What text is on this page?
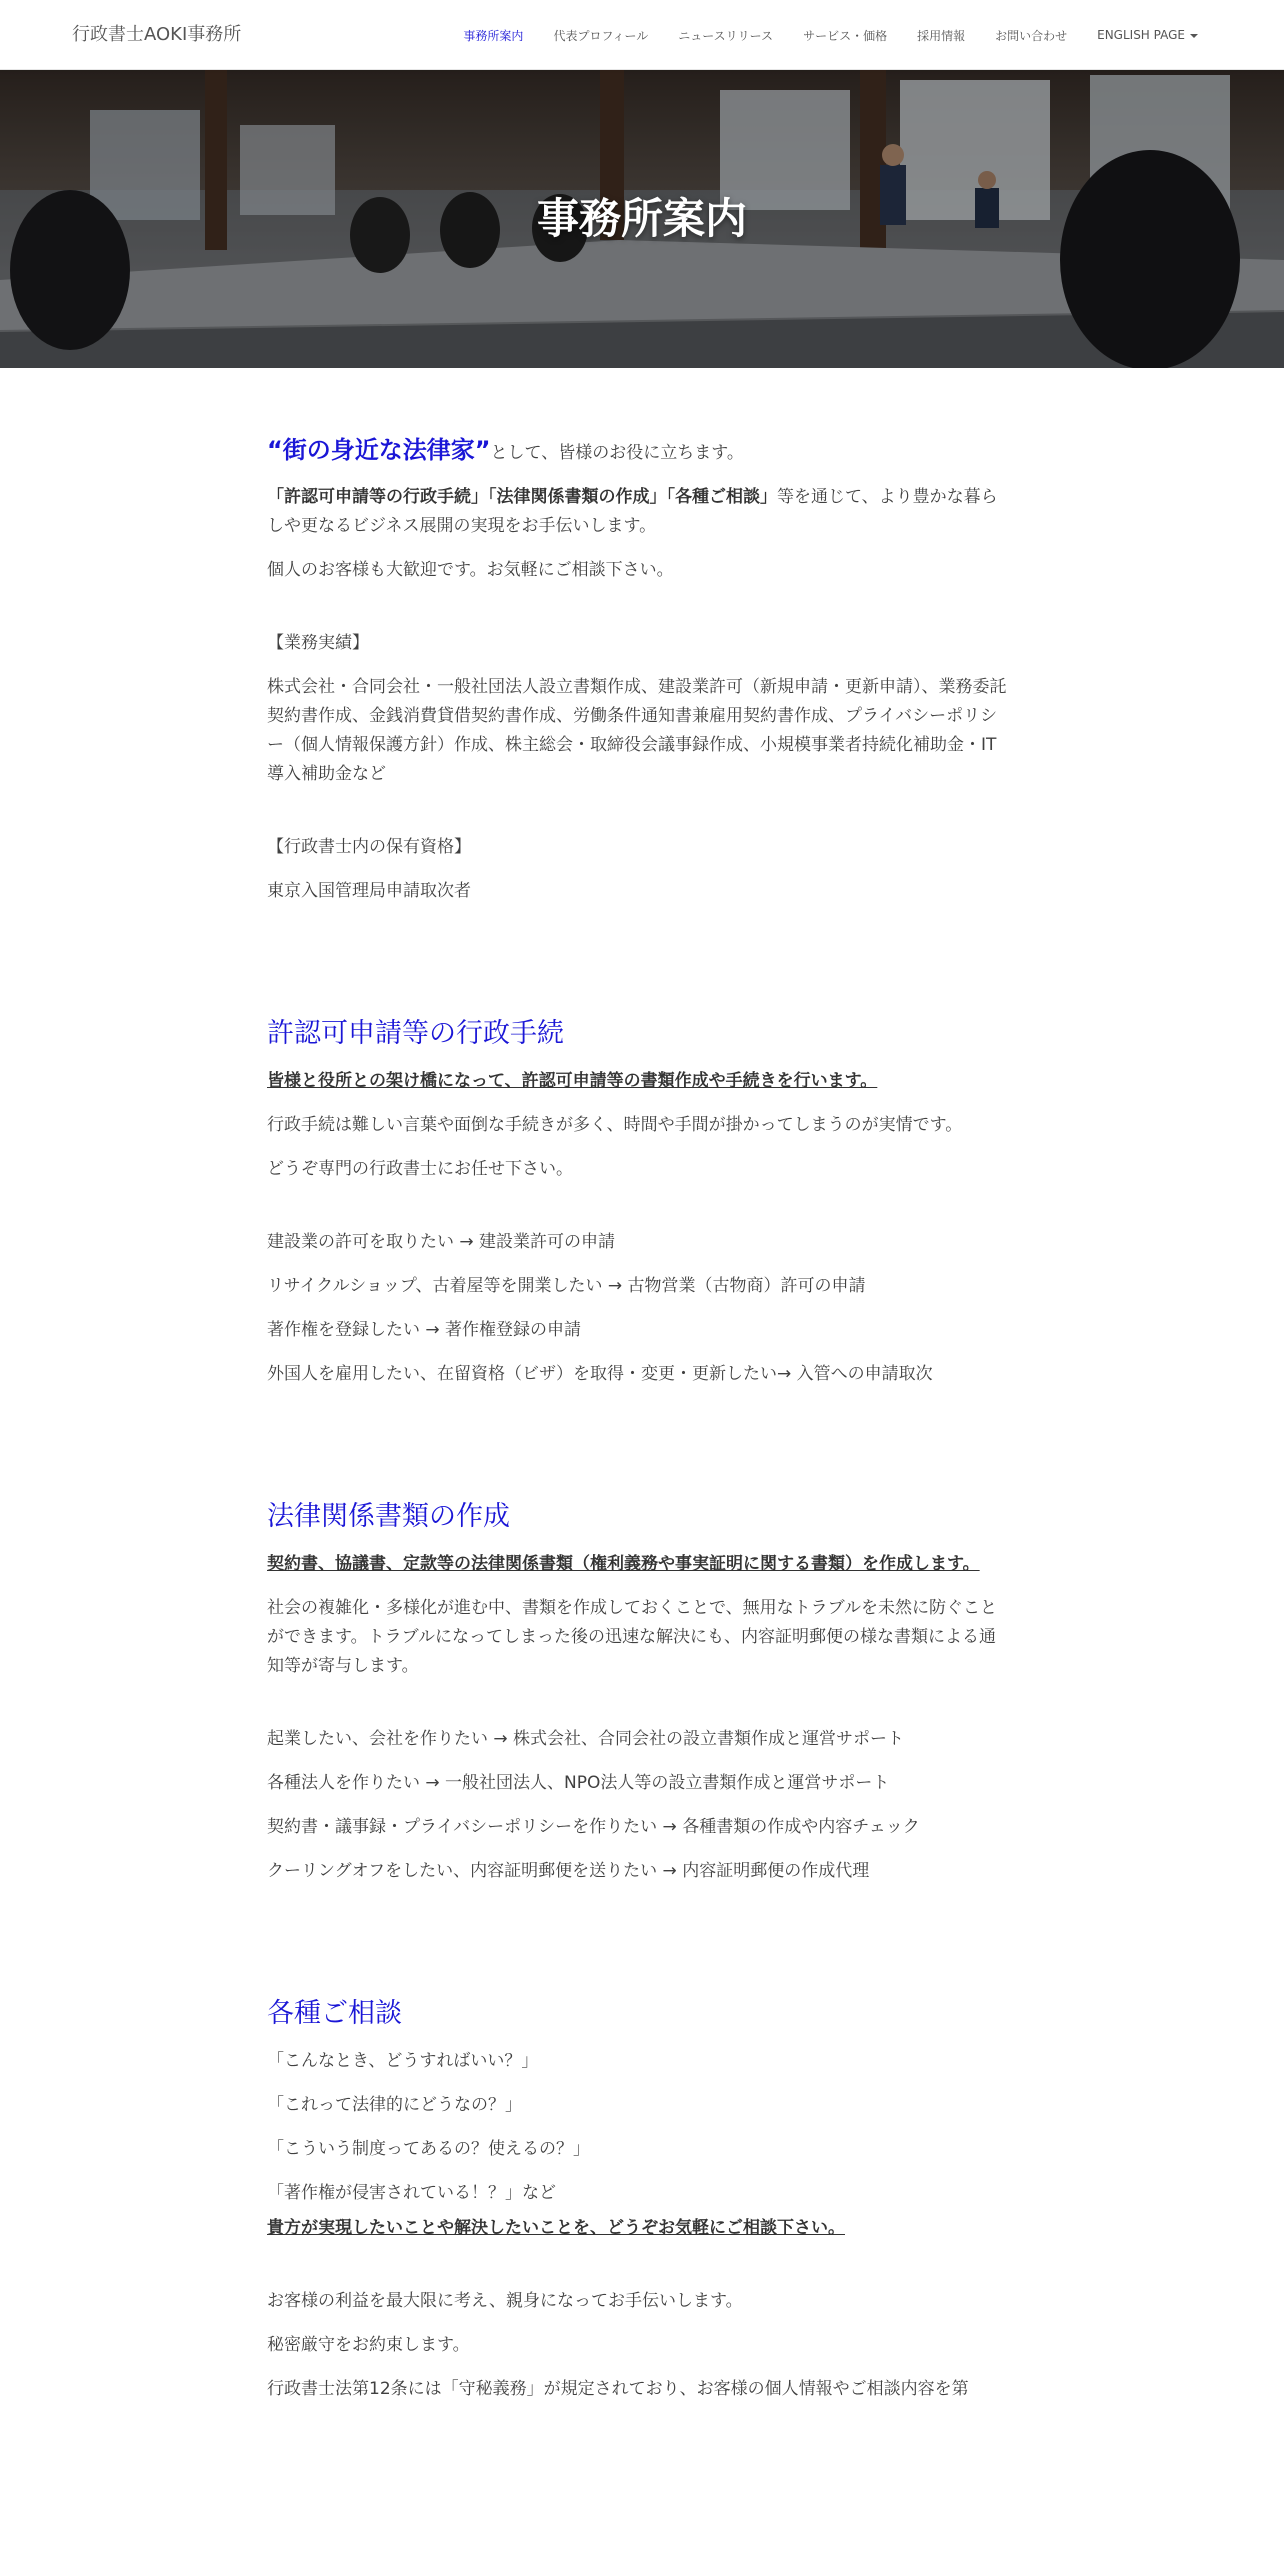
行政書士AOKI事務所	事務所案内	代表プロフィール	ニュースリリース	サービス・価格	採用情報	お問い合わせ	ENGLISH PAGE
事務所案内

“街の身近な法律家”として、皆様のお役に立ちます。

「許認可申請等の行政手続」「法律関係書類の作成」「各種ご相談」等を通じて、より豊かな暮らしや更なるビジネス展開の実現をお手伝いします。

個人のお客様も大歓迎です。お気軽にご相談下さい。

【業務実績】

株式会社・合同会社・一般社団法人設立書類作成、建設業許可（新規申請・更新申請）、業務委託契約書作成、金銭消費貸借契約書作成、労働条件通知書兼雇用契約書作成、プライバシーポリシー（個人情報保護方針）作成、株主総会・取締役会議事録作成、小規模事業者持続化補助金・IT導入補助金など

【行政書士内の保有資格】

東京入国管理局申請取次者

許認可申請等の行政手続

皆様と役所との架け橋になって、許認可申請等の書類作成や手続きを行います。

行政手続は難しい言葉や面倒な手続きが多く、時間や手間が掛かってしまうのが実情です。

どうぞ専門の行政書士にお任せ下さい。

建設業の許可を取りたい → 建設業許可の申請

リサイクルショップ、古着屋等を開業したい → 古物営業（古物商）許可の申請

著作権を登録したい → 著作権登録の申請

外国人を雇用したい、在留資格（ビザ）を取得・変更・更新したい→ 入管への申請取次

法律関係書類の作成

契約書、協議書、定款等の法律関係書類（権利義務や事実証明に関する書類）を作成します。

社会の複雑化・多様化が進む中、書類を作成しておくことで、無用なトラブルを未然に防ぐことができます。トラブルになってしまった後の迅速な解決にも、内容証明郵便の様な書類による通知等が寄与します。

起業したい、会社を作りたい → 株式会社、合同会社の設立書類作成と運営サポート

各種法人を作りたい → 一般社団法人、NPO法人等の設立書類作成と運営サポート

契約書・議事録・プライバシーポリシーを作りたい → 各種書類の作成や内容チェック

クーリングオフをしたい、内容証明郵便を送りたい → 内容証明郵便の作成代理

各種ご相談

「こんなとき、どうすればいい？」

「これって法律的にどうなの？」

「こういう制度ってあるの？使えるの？」

「著作権が侵害されている！？」など

貴方が実現したいことや解決したいことを、どうぞお気軽にご相談下さい。

お客様の利益を最大限に考え、親身になってお手伝いします。

秘密厳守をお約束します。

行政書士法第12条には「守秘義務」が規定されており、お客様の個人情報やご相談内容を第
